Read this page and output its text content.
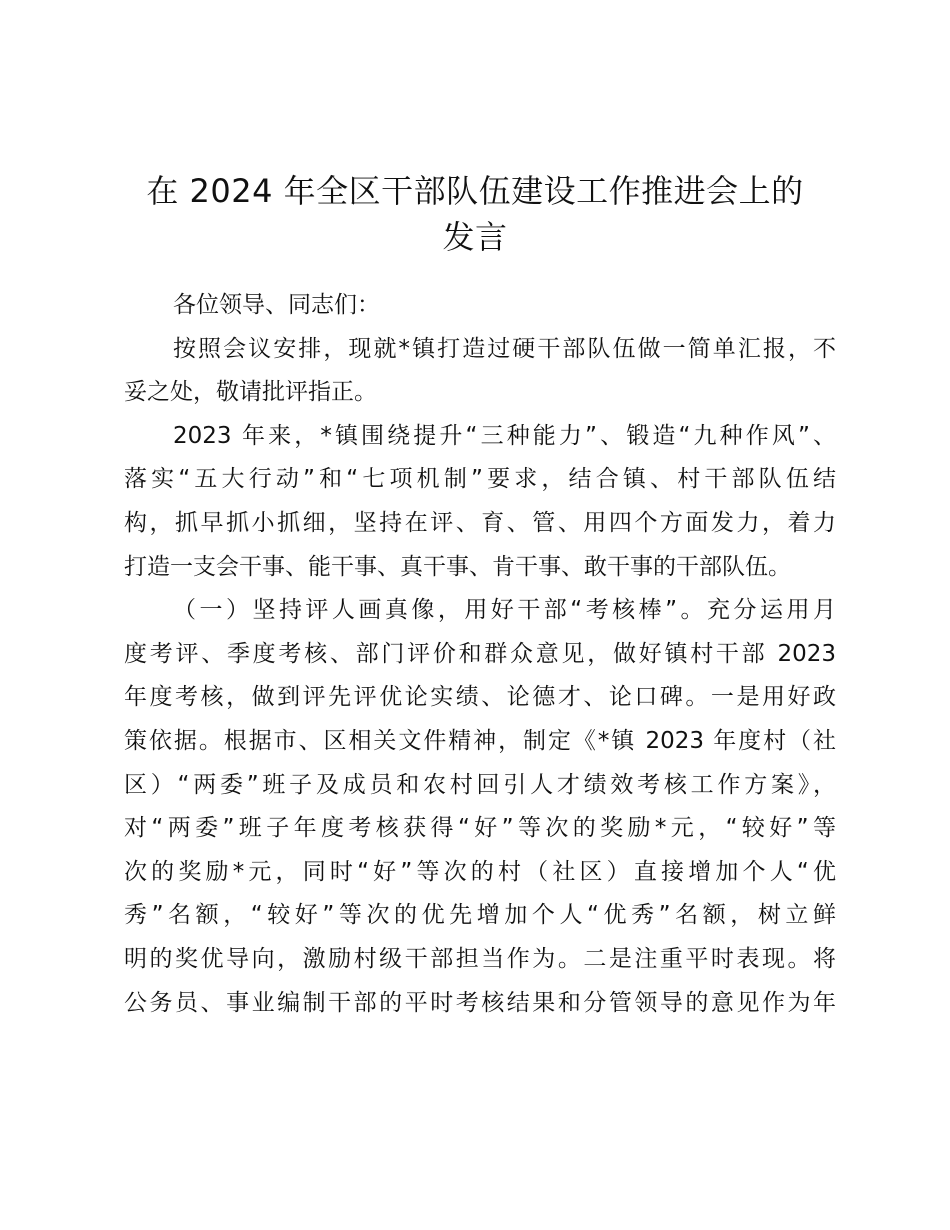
在 2024 年全区干部队伍建设工作推进会上的
发言
各位领导、同志们：
按照会议安排，现就*镇打造过硬干部队伍做一简单汇报，不
妥之处，敬请批评指正。
2023 年来，*镇围绕提升“三种能力”、锻造“九种作风”、
落实“五大行动”和“七项机制”要求，结合镇、村干部队伍结
构，抓早抓小抓细，坚持在评、育、管、用四个方面发力，着力
打造一支会干事、能干事、真干事、肯干事、敢干事的干部队伍。
（一）坚持评人画真像，用好干部“考核棒”。充分运用月
度考评、季度考核、部门评价和群众意见，做好镇村干部 2023
年度考核，做到评先评优论实绩、论德才、论口碑。一是用好政
策依据。根据市、区相关文件精神，制定《*镇 2023 年度村（社
区）“两委”班子及成员和农村回引人才绩效考核工作方案》，
对“两委”班子年度考核获得“好”等次的奖励*元，“较好”等
次的奖励*元，同时“好”等次的村（社区）直接增加个人“优
秀”名额，“较好”等次的优先增加个人“优秀”名额，树立鲜
明的奖优导向，激励村级干部担当作为。二是注重平时表现。将
公务员、事业编制干部的平时考核结果和分管领导的意见作为年
